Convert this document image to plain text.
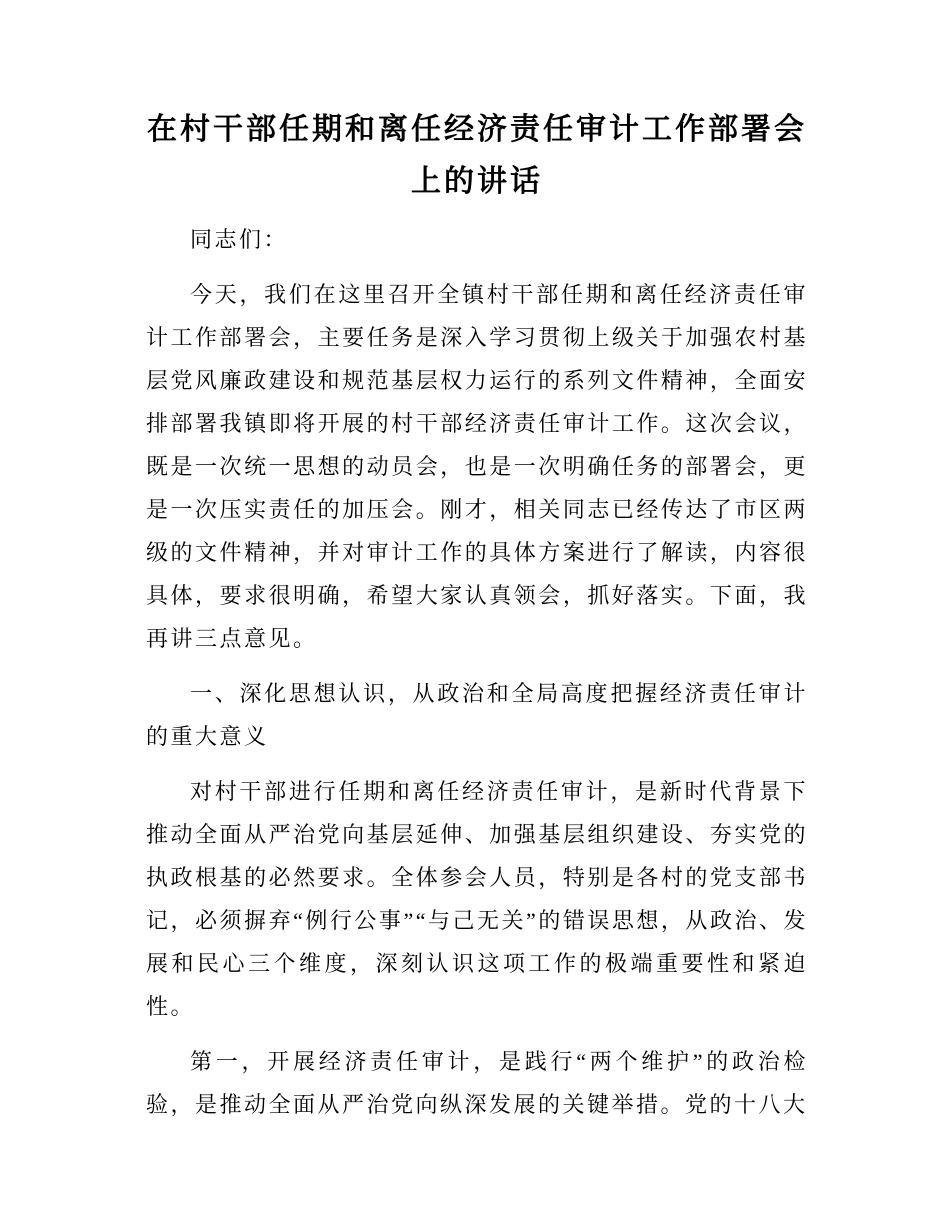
在村干部任期和离任经济责任审计工作部署会上的讲话

同志们：

今天，我们在这里召开全镇村干部任期和离任经济责任审计工作部署会，主要任务是深入学习贯彻上级关于加强农村基层党风廉政建设和规范基层权力运行的系列文件精神，全面安排部署我镇即将开展的村干部经济责任审计工作。这次会议，既是一次统一思想的动员会，也是一次明确任务的部署会，更是一次压实责任的加压会。刚才，相关同志已经传达了市区两级的文件精神，并对审计工作的具体方案进行了解读，内容很具体，要求很明确，希望大家认真领会，抓好落实。下面，我再讲三点意见。

一、深化思想认识，从政治和全局高度把握经济责任审计的重大意义

对村干部进行任期和离任经济责任审计，是新时代背景下推动全面从严治党向基层延伸、加强基层组织建设、夯实党的执政根基的必然要求。全体参会人员，特别是各村的党支部书记，必须摒弃“例行公事”“与己无关”的错误思想，从政治、发展和民心三个维度，深刻认识这项工作的极端重要性和紧迫性。

第一，开展经济责任审计，是践行“两个维护”的政治检验，是推动全面从严治党向纵深发展的关键举措。党的十八大
